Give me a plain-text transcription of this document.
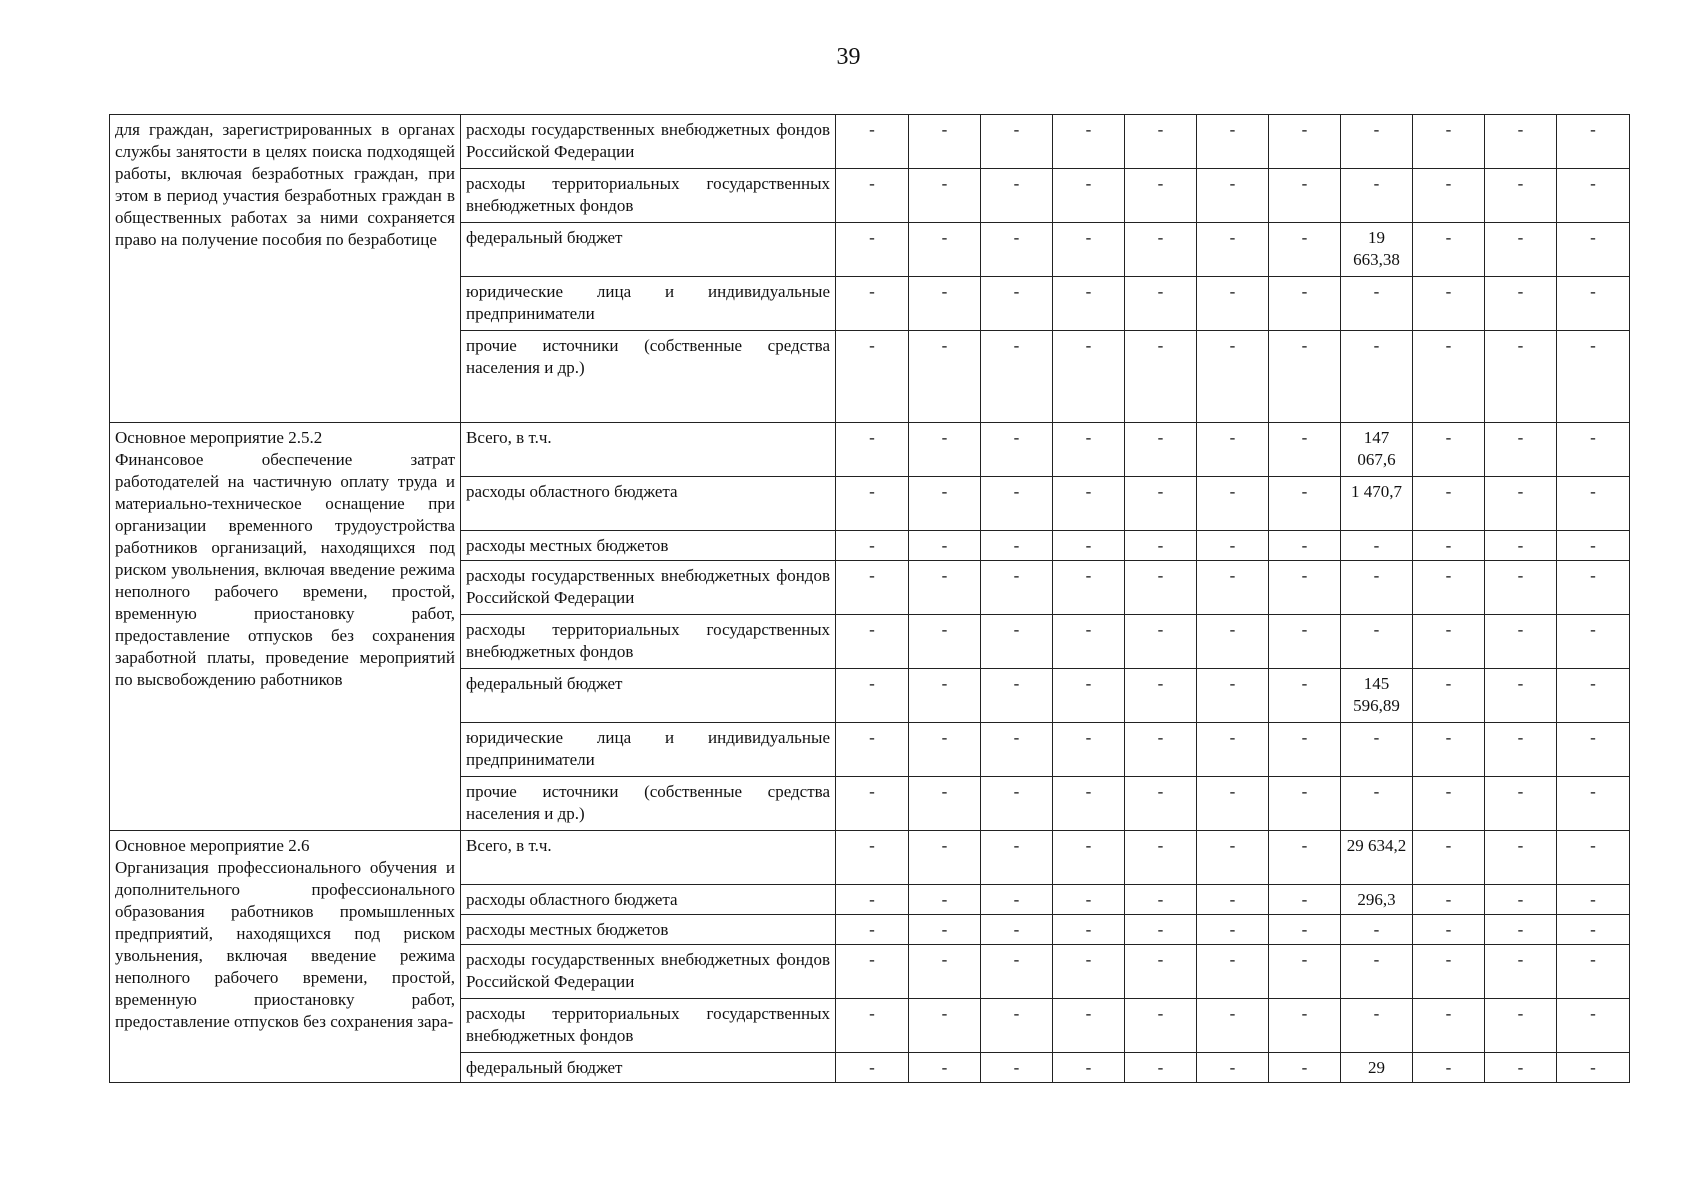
39
для граждан, зарегистрированных в органах службы занятости в целях поиска подходящей работы, включая безработных граждан, при этом в период участия безработных граждан в общественных работах за ними сохраняется право на получение пособия по безработице	расходы государственных внебюджетных фондов Российской Федерации	-	-	-	-	-	-	-	-	-	-	-
	расходы территориальных государственных внебюджетных фондов	-	-	-	-	-	-	-	-	-	-	-
	федеральный бюджет	-	-	-	-	-	-	-	19 663,38	-	-	-
	юридические лица и индивидуальные предприниматели	-	-	-	-	-	-	-	-	-	-	-
	прочие источники (собственные средства населения и др.)	-	-	-	-	-	-	-	-	-	-	-

Основное мероприятие 2.5.2
Финансовое обеспечение затрат работодателей на частичную оплату труда и материально-техническое оснащение при организации временного трудоустройства работников организаций, находящихся под риском увольнения, включая введение режима неполного рабочего времени, простой, временную приостановку работ, предоставление отпусков без сохранения заработной платы, проведение мероприятий по высвобождению работников	Всего, в т.ч.	-	-	-	-	-	-	-	147 067,6	-	-	-
	расходы областного бюджета	-	-	-	-	-	-	-	1 470,7	-	-	-
	расходы местных бюджетов	-	-	-	-	-	-	-	-	-	-	-
	расходы государственных внебюджетных фондов Российской Федерации	-	-	-	-	-	-	-	-	-	-	-
	расходы территориальных государственных внебюджетных фондов	-	-	-	-	-	-	-	-	-	-	-
	федеральный бюджет	-	-	-	-	-	-	-	145 596,89	-	-	-
	юридические лица и индивидуальные предприниматели	-	-	-	-	-	-	-	-	-	-	-
	прочие источники (собственные средства населения и др.)	-	-	-	-	-	-	-	-	-	-	-

Основное мероприятие 2.6
Организация профессионального обучения и дополнительного профессионального образования работников промышленных предприятий, находящихся под риском увольнения, включая введение режима неполного рабочего времени, простой, временную приостановку работ, предоставление отпусков без сохранения зара-	Всего, в т.ч.	-	-	-	-	-	-	-	29 634,2	-	-	-
	расходы областного бюджета	-	-	-	-	-	-	-	296,3	-	-	-
	расходы местных бюджетов	-	-	-	-	-	-	-	-	-	-	-
	расходы государственных внебюджетных фондов Российской Федерации	-	-	-	-	-	-	-	-	-	-	-
	расходы территориальных государственных внебюджетных фондов	-	-	-	-	-	-	-	-	-	-	-
	федеральный бюджет	-	-	-	-	-	-	-	29	-	-	-
